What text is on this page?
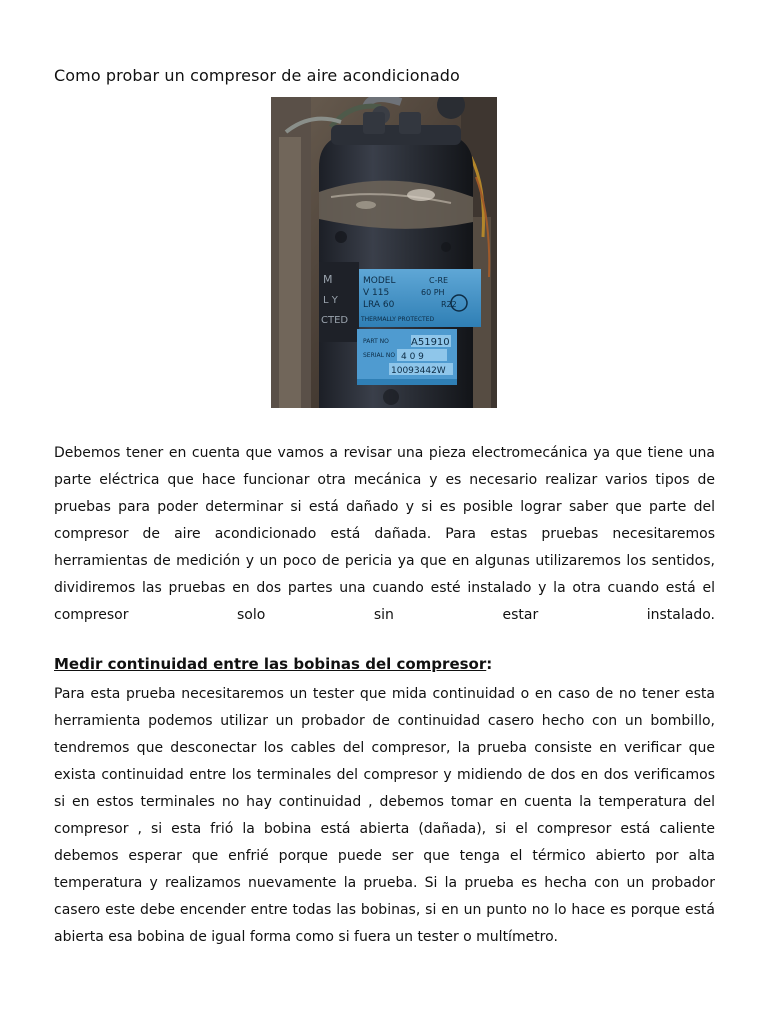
Como probar un compresor de aire acondicionado
MODEL	C-RE
V 115	60 PH
LRA 60	R22
THERMALLY PROTECTED
M
L Y
CTED
PART NO A51910
SERIAL NO 4 0 9
10093442W

Debemos tener en cuenta que vamos a revisar una pieza electromecánica ya que tiene una parte eléctrica que hace funcionar otra mecánica y es necesario realizar varios tipos de pruebas para poder determinar si está dañado y si es posible lograr saber que parte del compresor de aire acondicionado está dañada. Para estas pruebas necesitaremos herramientas de medición y un poco de pericia ya que en algunas utilizaremos los sentidos, dividiremos las pruebas en dos partes una cuando esté instalado y la otra cuando está el compresor solo sin estar instalado.

Medir continuidad entre las bobinas del compresor:

Para esta prueba necesitaremos un tester que mida continuidad o en caso de no tener esta herramienta podemos utilizar un probador de continuidad casero hecho con un bombillo, tendremos que desconectar los cables del compresor, la prueba consiste en verificar que exista continuidad entre los terminales del compresor y midiendo de dos en dos verificamos si en estos terminales no hay continuidad , debemos tomar en cuenta la temperatura del compresor , si esta frió la bobina está abierta (dañada), si el compresor está caliente debemos esperar que enfrié porque puede ser que tenga el térmico abierto por alta temperatura y realizamos nuevamente la prueba. Si la prueba es hecha con un probador casero este debe encender entre todas las bobinas, si en un punto no lo hace es porque está abierta esa bobina de igual forma como si fuera un tester o multímetro.
